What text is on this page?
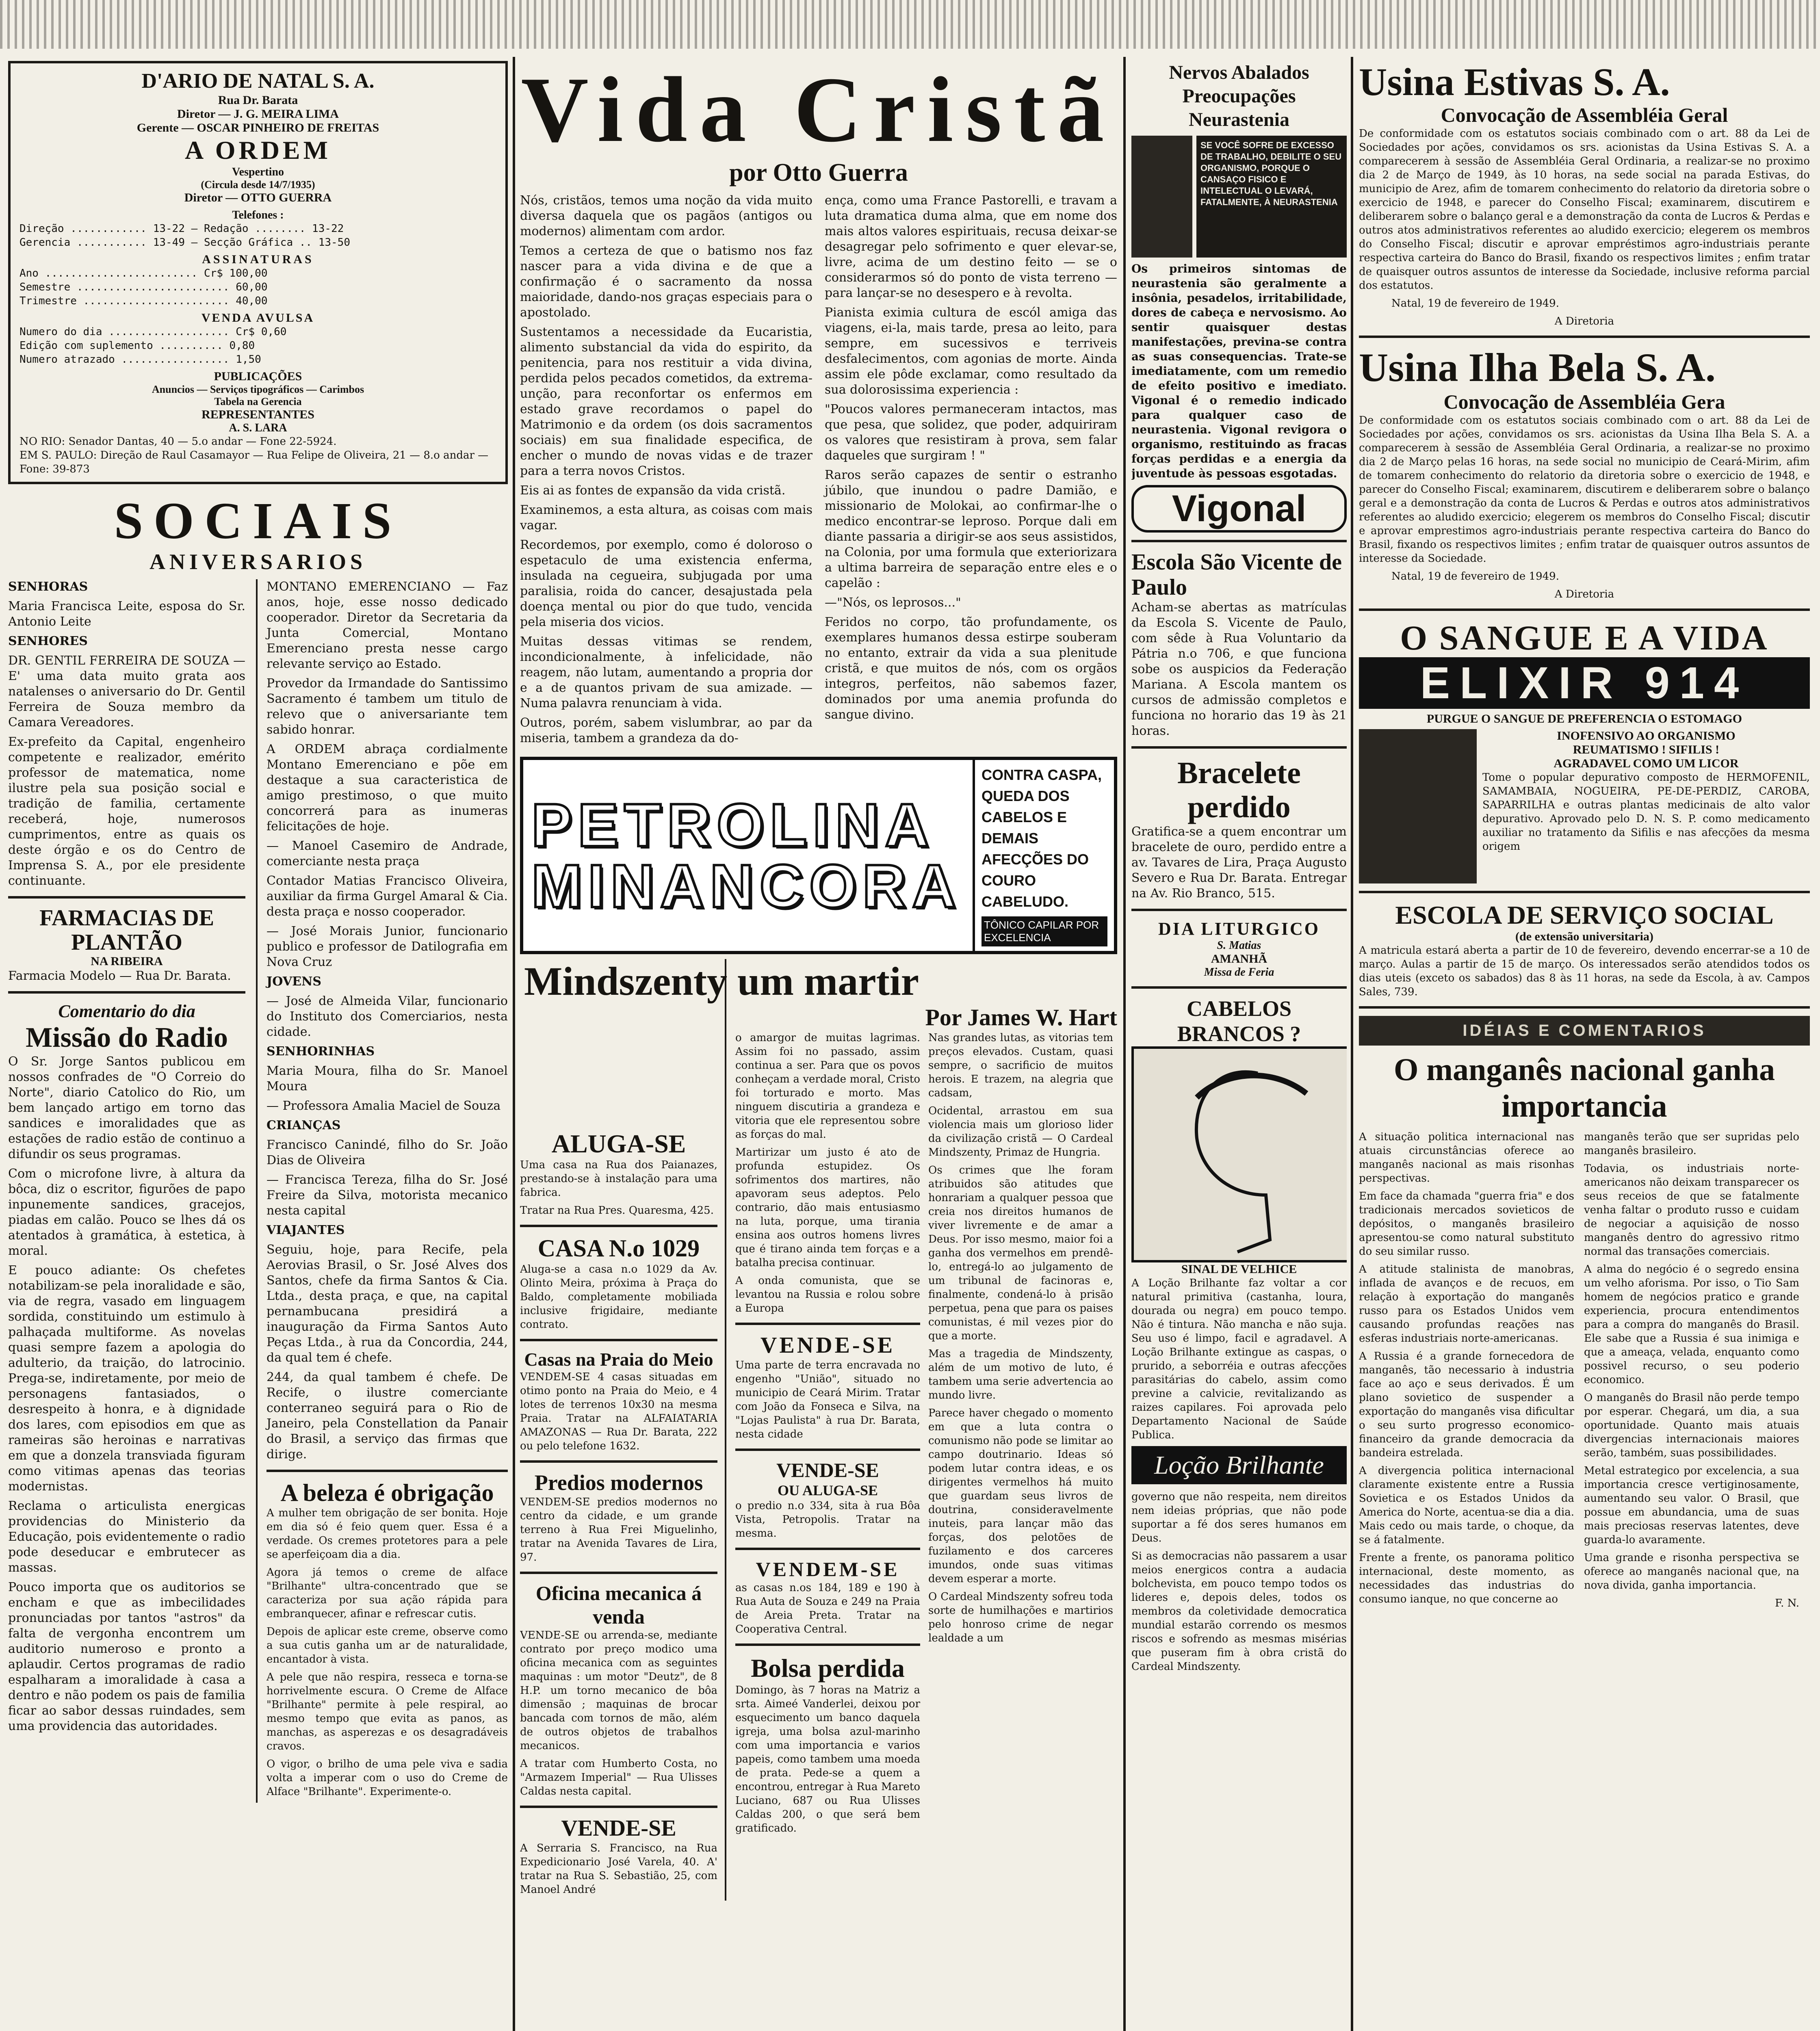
D'ARIO DE NATAL S. A.
Rua Dr. Barata
Diretor — J. G. MEIRA LIMA
Gerente — OSCAR PINHEIRO DE FREITAS
A ORDEM
Vespertino
(Circula desde 14/7/1935)
Diretor — OTTO GUERRA
Telefones :
Direção ............ 13-22 — Redação ........ 13-22
Gerencia ........... 13-49 — Secção Gráfica .. 13-50
ASSINATURAS
Ano ........................ Cr$ 100,00
Semestre ........................ 60,00
Trimestre ....................... 40,00
VENDA AVULSA
Numero do dia ................... Cr$ 0,60
Edição com suplemento .......... 0,80
Numero atrazado ................. 1,50
PUBLICAÇÕES
Anuncios — Serviços tipográficos — Carimbos
Tabela na Gerencia
REPRESENTANTES
A. S. LARA
NO RIO: Senador Dantas, 40 — 5.o andar — Fone 22-5924.
EM S. PAULO: Direção de Raul Casamayor — Rua Felipe de Oliveira, 21 — 8.o andar — Fone: 39-873
SOCIAIS
ANIVERSARIOS

SENHORAS

Maria Francisca Leite, esposa do Sr. Antonio Leite

SENHORES

DR. GENTIL FERREIRA DE SOUZA — E' uma data muito grata aos natalenses o aniversario do Dr. Gentil Ferreira de Souza membro da Camara Vereadores.

Ex-prefeito da Capital, engenheiro competente e realizador, emérito professor de matematica, nome ilustre pela sua posição social e tradição de familia, certamente receberá, hoje, numerosos cumprimentos, entre as quais os deste órgão e os do Centro de Imprensa S. A., por ele presidente continuante.

FARMACIAS DE PLANTÃO
NA RIBEIRA

Farmacia Modelo — Rua Dr. Barata.

Comentario do dia
Missão do Radio

O Sr. Jorge Santos publicou em nossos confrades de "O Correio do Norte", diario Catolico do Rio, um bem lançado artigo em torno das sandices e imoralidades que as estações de radio estão de continuo a difundir os seus programas.

Com o microfone livre, à altura da bôca, diz o escritor, figurões de papo inpunemente sandices, gracejos, piadas em calão. Pouco se lhes dá os atentados à gramática, à estetica, à moral.

E pouco adiante: Os chefetes notabilizam-se pela inoralidade e são, via de regra, vasado em linguagem sordida, constituindo um estimulo à palhaçada multiforme. As novelas quasi sempre fazem a apologia do adulterio, da traição, do latrocinio. Prega-se, indiretamente, por meio de personagens fantasiados, o desrespeito à honra, e à dignidade dos lares, com episodios em que as rameiras são heroinas e narrativas em que a donzela transviada figuram como vitimas apenas das teorias modernistas.

Reclama o articulista energicas providencias do Ministerio da Educação, pois evidentemente o radio pode deseducar e embrutecer as massas.

Pouco importa que os auditorios se encham e que as imbecilidades pronunciadas por tantos "astros" da falta de vergonha encontrem um auditorio numeroso e pronto a aplaudir. Certos programas de radio espalharam a imoralidade à casa a dentro e não podem os pais de familia ficar ao sabor dessas ruindades, sem uma providencia das autoridades.

MONTANO EMERENCIANO — Faz anos, hoje, esse nosso dedicado cooperador. Diretor da Secretaria da Junta Comercial, Montano Emerenciano presta nesse cargo relevante serviço ao Estado.

Provedor da Irmandade do Santissimo Sacramento é tambem um titulo de relevo que o aniversariante tem sabido honrar.

A ORDEM abraça cordialmente Montano Emerenciano e põe em destaque a sua caracteristica de amigo prestimoso, o que muito concorrerá para as inumeras felicitações de hoje.

— Manoel Casemiro de Andrade, comerciante nesta praça

Contador Matias Francisco Oliveira, auxiliar da firma Gurgel Amaral & Cia. desta praça e nosso cooperador.

— José Morais Junior, funcionario publico e professor de Datilografia em Nova Cruz

JOVENS

— José de Almeida Vilar, funcionario do Instituto dos Comerciarios, nesta cidade.

SENHORINHAS

Maria Moura, filha do Sr. Manoel Moura

— Professora Amalia Maciel de Souza

CRIANÇAS

Francisco Canindé, filho do Sr. João Dias de Oliveira

— Francisca Tereza, filha do Sr. José Freire da Silva, motorista mecanico nesta capital

VIAJANTES

Seguiu, hoje, para Recife, pela Aerovias Brasil, o Sr. José Alves dos Santos, chefe da firma Santos & Cia. Ltda., desta praça, e que, na capital pernambucana presidirá a inauguração da Firma Santos Auto Peças Ltda., à rua da Concordia, 244, da qual tem é chefe.

244, da qual tambem é chefe. De Recife, o ilustre comerciante conterraneo seguirá para o Rio de Janeiro, pela Constellation da Panair do Brasil, a serviço das firmas que dirige.

A beleza é obrigação

A mulher tem obrigação de ser bonita. Hoje em dia só é feio quem quer. Essa é a verdade. Os cremes protetores para a pele se aperfeiçoam dia a dia.

Agora já temos o creme de alface "Brilhante" ultra-concentrado que se caracteriza por sua ação rápida para embranquecer, afinar e refrescar cutis.

Depois de aplicar este creme, observe como a sua cutis ganha um ar de naturalidade, encantador à vista.

A pele que não respira, resseca e torna-se horrivelmente escura. O Creme de Alface "Brilhante" permite à pele respiral, ao mesmo tempo que evita as panos, as manchas, as asperezas e os desagradáveis cravos.

O vigor, o brilho de uma pele viva e sadia volta a imperar com o uso do Creme de Alface "Brilhante". Experimente-o.

Vida Cristã
por Otto Guerra

Nós, cristãos, temos uma noção da vida muito diversa daquela que os pagãos (antigos ou modernos) alimentam com ardor.

Temos a certeza de que o batismo nos faz nascer para a vida divina e de que a confirmação é o sacramento da nossa maioridade, dando-nos graças especiais para o apostolado.

Sustentamos a necessidade da Eucaristia, alimento substancial da vida do espirito, da penitencia, para nos restituir a vida divina, perdida pelos pecados cometidos, da extrema-unção, para reconfortar os enfermos em estado grave recordamos o papel do Matrimonio e da ordem (os dois sacramentos sociais) em sua finalidade especifica, de encher o mundo de novas vidas e de trazer para a terra novos Cristos.

Eis ai as fontes de expansão da vida cristã.

Examinemos, a esta altura, as coisas com mais vagar.

Recordemos, por exemplo, como é doloroso o espetaculo de uma existencia enferma, insulada na cegueira, subjugada por uma paralisia, roida do cancer, desajustada pela doença mental ou pior do que tudo, vencida pela miseria dos vicios.

Muitas dessas vitimas se rendem, incondicionalmente, à infelicidade, não reagem, não lutam, aumentando a propria dor e a de quantos privam de sua amizade. — Numa palavra renunciam à vida.

Outros, porém, sabem vislumbrar, ao par da miseria, tambem a grandeza da do-

ença, como uma France Pastorelli, e travam a luta dramatica duma alma, que em nome dos mais altos valores espirituais, recusa deixar-se desagregar pelo sofrimento e quer elevar-se, livre, acima de um destino feito — se o considerarmos só do ponto de vista terreno — para lançar-se no desespero e à revolta.

Pianista eximia cultura de escól amiga das viagens, ei-la, mais tarde, presa ao leito, para sempre, em sucessivos e terriveis desfalecimentos, com agonias de morte. Ainda assim ele pôde exclamar, como resultado da sua dolorosissima experiencia :

"Poucos valores permaneceram intactos, mas que pesa, que solidez, que poder, adquiriram os valores que resistiram à prova, sem falar daqueles que surgiram ! "

Raros serão capazes de sentir o estranho júbilo, que inundou o padre Damião, e missionario de Molokai, ao confirmar-lhe o medico encontrar-se leproso. Porque dali em diante passaria a dirigir-se aos seus assistidos, na Colonia, por uma formula que exteriorizara a ultima barreira de separação entre eles e o capelão :

—"Nós, os leprosos..."

Feridos no corpo, tão profundamente, os exemplares humanos dessa estirpe souberam no entanto, extrair da vida a sua plenitude cristã, e que muitos de nós, com os orgãos integros, perfeitos, não sabemos fazer, dominados por uma anemia profunda do sangue divino.

PETROLINA
MINANCORA
CONTRA CASPA, QUEDA DOS CABELOS E DEMAIS AFECÇÕES DO COURO CABELUDO.
TÔNICO CAPILAR POR EXCELENCIA
ALUGA-SE

Uma casa na Rua dos Paianazes, prestando-se à instalação para uma fabrica.

Tratar na Rua Pres. Quaresma, 425.

CASA N.o 1029

Aluga-se a casa n.o 1029 da Av. Olinto Meira, próxima à Praça do Baldo, completamente mobiliada inclusive frigidaire, mediante contrato.

Casas na Praia do Meio

VENDEM-SE 4 casas situadas em otimo ponto na Praia do Meio, e 4 lotes de terrenos 10x30 na mesma Praia. Tratar na ALFAIATARIA AMAZONAS — Rua Dr. Barata, 222 ou pelo telefone 1632.

Predios modernos

VENDEM-SE predios modernos no centro da cidade, e um grande terreno à Rua Frei Miguelinho, tratar na Avenida Tavares de Lira, 97.

Oficina mecanica á venda

VENDE-SE ou arrenda-se, mediante contrato por preço modico uma oficina mecanica com as seguintes maquinas : um motor "Deutz", de 8 H.P. um torno mecanico de bôa dimensão ; maquinas de brocar bancada com tornos de mão, além de outros objetos de trabalhos mecanicos.

A tratar com Humberto Costa, no "Armazem Imperial" — Rua Ulisses Caldas nesta capital.

VENDE-SE

A Serraria S. Francisco, na Rua Expedicionario José Varela, 40. A' tratar na Rua S. Sebastião, 25, com Manoel André

Mindszenty um martir
Por James W. Hart

o amargor de muitas lagrimas. Assim foi no passado, assim continua a ser. Para que os povos conheçam a verdade moral, Cristo foi torturado e morto. Mas ninguem discutiria a grandeza e vitoria que ele representou sobre as forças do mal.

Martirizar um justo é ato de profunda estupidez. Os sofrimentos dos martires, não apavoram seus adeptos. Pelo contrario, dão mais entusiasmo na luta, porque, uma tirania ensina aos outros homens livres que é tirano ainda tem forças e a batalha precisa continuar.

A onda comunista, que se levantou na Russia e rolou sobre a Europa

VENDE-SE

Uma parte de terra encravada no engenho "União", situado no municipio de Ceará Mirim. Tratar com João da Fonseca e Silva, na "Lojas Paulista" à rua Dr. Barata, nesta cidade

VENDE-SE
OU ALUGA-SE

o predio n.o 334, sita à rua Bôa Vista, Petropolis. Tratar na mesma.

VENDEM-SE

as casas n.os 184, 189 e 190 à Rua Auta de Souza e 249 na Praia de Areia Preta. Tratar na Cooperativa Central.

Bolsa perdida

Domingo, às 7 horas na Matriz a srta. Aimeé Vanderlei, deixou por esquecimento um banco daquela igreja, uma bolsa azul-marinho com uma importancia e varios papeis, como tambem uma moeda de prata. Pede-se a quem a encontrou, entregar à Rua Mareto Luciano, 687 ou Rua Ulisses Caldas 200, o que será bem gratificado.

Nas grandes lutas, as vitorias tem preços elevados. Custam, quasi sempre, o sacrificio de muitos herois. E trazem, na alegria que cadsam,

Ocidental, arrastou em sua violencia mais um glorioso lider da civilização cristã — O Cardeal Mindszenty, Primaz de Hungria.

Os crimes que lhe foram atribuidos são atitudes que honrariam a qualquer pessoa que creia nos direitos humanos de viver livremente e de amar a Deus. Por isso mesmo, maior foi a ganha dos vermelhos em prendê-lo, entregá-lo ao julgamento de um tribunal de facinoras e, finalmente, condená-lo à prisão perpetua, pena que para os paises comunistas, é mil vezes pior do que a morte.

Mas a tragedia de Mindszenty, além de um motivo de luto, é tambem uma serie advertencia ao mundo livre.

Parece haver chegado o momento em que a luta contra o comunismo não pode se limitar ao campo doutrinario. Ideas só podem lutar contra ideas, e os dirigentes vermelhos há muito que guardam seus livros de doutrina, consideravelmente inuteis, para lançar mão das forças, dos pelotões de fuzilamento e dos carceres imundos, onde suas vitimas devem esperar a morte.

O Cardeal Mindszenty sofreu toda sorte de humilhações e martirios pelo honroso crime de negar lealdade a um

Nervos Abalados Preocupações Neurastenia
SE VOCÊ SOFRE DE EXCESSO DE TRABALHO, DEBILITE O SEU ORGANISMO, PORQUE O CANSAÇO FISICO E INTELECTUAL O LEVARÁ, FATALMENTE, À NEURASTENIA

Os primeiros sintomas de neurastenia são geralmente a insônia, pesadelos, irritabilidade, dores de cabeça e nervosismo. Ao sentir quaisquer destas manifestações, previna-se contra as suas consequencias. Trate-se imediatamente, com um remedio de efeito positivo e imediato. Vigonal é o remedio indicado para qualquer caso de neurastenia. Vigonal revigora o organismo, restituindo as fracas forças perdidas e a energia da juventude às pessoas esgotadas.

Vigonal
Escola São Vicente de Paulo

Acham-se abertas as matrículas da Escola S. Vicente de Paulo, com sêde à Rua Voluntario da Pátria n.o 706, e que funciona sobe os auspicios da Federação Mariana. A Escola mantem os cursos de admissão completos e funciona no horario das 19 às 21 horas.

Bracelete perdido

Gratifica-se a quem encontrar um bracelete de ouro, perdido entre a av. Tavares de Lira, Praça Augusto Severo e Rua Dr. Barata. Entregar na Av. Rio Branco, 515.

DIA LITURGICO
S. Matias
AMANHÃ
Missa de Feria
CABELOS BRANCOS ?
SINAL DE VELHICE

A Loção Brilhante faz voltar a cor natural primitiva (castanha, loura, dourada ou negra) em pouco tempo. Não é tintura. Não mancha e não suja. Seu uso é limpo, facil e agradavel. A Loção Brilhante extingue as caspas, o prurido, a seborréia e outras afecções parasitárias do cabelo, assim como previne a calvicie, revitalizando as raizes capilares. Foi aprovada pelo Departamento Nacional de Saúde Publica.

Loção Brilhante

governo que não respeita, nem direitos nem ideias próprias, que não pode suportar a fé dos seres humanos em Deus.

Si as democracias não passarem a usar meios energicos contra a audacia bolchevista, em pouco tempo todos os lideres e, depois deles, todos os membros da coletividade democratica mundial estarão correndo os mesmos riscos e sofrendo as mesmas misérias que puseram fim à obra cristã do Cardeal Mindszenty.

Usina Estivas S. A.
Convocação de Assembléia Geral

De conformidade com os estatutos sociais combinado com o art. 88 da Lei de Sociedades por ações, convidamos os srs. acionistas da Usina Estivas S. A. a comparecerem à sessão de Assembléia Geral Ordinaria, a realizar-se no proximo dia 2 de Março de 1949, às 10 horas, na sede social na parada Estivas, do municipio de Arez, afim de tomarem conhecimento do relatorio da diretoria sobre o exercicio de 1948, e parecer do Conselho Fiscal; examinarem, discutirem e deliberarem sobre o balanço geral e a demonstração da conta de Lucros & Perdas e outros atos administrativos referentes ao aludido exercicio; elegerem os membros do Conselho Fiscal; discutir e aprovar empréstimos agro-industriais perante respectiva carteira do Banco do Brasil, fixando os respectivos limites ; enfim tratar de quaisquer outros assuntos de interesse da Sociedade, inclusive reforma parcial dos estatutos.

Natal, 19 de fevereiro de 1949.

A Diretoria

Usina Ilha Bela S. A.
Convocação de Assembléia Gera

De conformidade com os estatutos sociais combinado com o art. 88 da Lei de Sociedades por ações, convidamos os srs. acionistas da Usina Ilha Bela S. A. a comparecerem à sessão de Assembléia Geral Ordinaria, a realizar-se no proximo dia 2 de Março pelas 16 horas, na sede social no municipio de Ceará-Mirim, afim de tomarem conhecimento do relatorio da diretoria sobre o exercicio de 1948, e parecer do Conselho Fiscal; examinarem, discutirem e deliberarem sobre o balanço geral e a demonstração da conta de Lucros & Perdas e outros atos administrativos referentes ao aludido exercicio; elegerem os membros do Conselho Fiscal; discutir e aprovar emprestimos agro-industriais perante respectiva carteira do Banco do Brasil, fixando os respectivos limites ; enfim tratar de quaisquer outros assuntos de interesse da Sociedade.

Natal, 19 de fevereiro de 1949.

A Diretoria

O SANGUE E A VIDA
ELIXIR 914
PURGUE O SANGUE DE PREFERENCIA O ESTOMAGO
INOFENSIVO AO ORGANISMO
REUMATISMO ! SIFILIS !
AGRADAVEL COMO UM LICOR

Tome o popular depurativo composto de HERMOFENIL, SAMAMBAIA, NOGUEIRA, PE-DE-PERDIZ, CAROBA, SAPARRILHA e outras plantas medicinais de alto valor depurativo. Aprovado pelo D. N. S. P. como medicamento auxiliar no tratamento da Sifilis e nas afecções da mesma origem

ESCOLA DE SERVIÇO SOCIAL
(de extensão universitaria)

A matricula estará aberta a partir de 10 de fevereiro, devendo encerrar-se a 10 de março. Aulas a partir de 15 de março. Os interessados serão atendidos todos os dias uteis (exceto os sabados) das 8 às 11 horas, na sede da Escola, à av. Campos Sales, 739.

IDÉIAS E COMENTARIOS
O manganês nacional ganha importancia

A situação politica internacional nas atuais circunstâncias oferece ao manganês nacional as mais risonhas perspectivas.

Em face da chamada "guerra fria" e dos tradicionais mercados sovieticos de depósitos, o manganês brasileiro apresentou-se como natural substituto do seu similar russo.

A atitude stalinista de manobras, inflada de avanços e de recuos, em relação à exportação do manganês russo para os Estados Unidos vem causando profundas reações nas esferas industriais norte-americanas.

A Russia é a grande fornecedora de manganês, tão necessario à industria face ao aço e seus derivados. É um plano sovietico de suspender a exportação do manganês visa dificultar o seu surto progresso economico-financeiro da grande democracia da bandeira estrelada.

A divergencia politica internacional claramente existente entre a Russia Sovietica e os Estados Unidos da America do Norte, acentua-se dia a dia. Mais cedo ou mais tarde, o choque, da se á fatalmente.

Frente a frente, os panorama politico internacional, deste momento, as necessidades das industrias do consumo ianque, no que concerne ao

manganês terão que ser supridas pelo manganês brasileiro.

Todavia, os industriais norte-americanos não deixam transparecer os seus receios de que se fatalmente venha faltar o produto russo e cuidam de negociar a aquisição de nosso manganês dentro do agressivo ritmo normal das transações comerciais.

A alma do negócio é o segredo ensina um velho aforisma. Por isso, o Tio Sam homem de negócios pratico e grande experiencia, procura entendimentos para a compra do manganês do Brasil. Ele sabe que a Russia é sua inimiga e que a ameaça, velada, enquanto como possivel recurso, o seu poderio economico.

O manganês do Brasil não perde tempo por esperar. Chegará, um dia, a sua oportunidade. Quanto mais atuais divergencias internacionais maiores serão, também, suas possibilidades.

Metal estrategico por excelencia, a sua importancia cresce vertiginosamente, aumentando seu valor. O Brasil, que possue em abundancia, uma de suas mais preciosas reservas latentes, deve guarda-lo avaramente.

Uma grande e risonha perspectiva se oferece ao manganês nacional que, na nova divida, ganha importancia.

F. N.
